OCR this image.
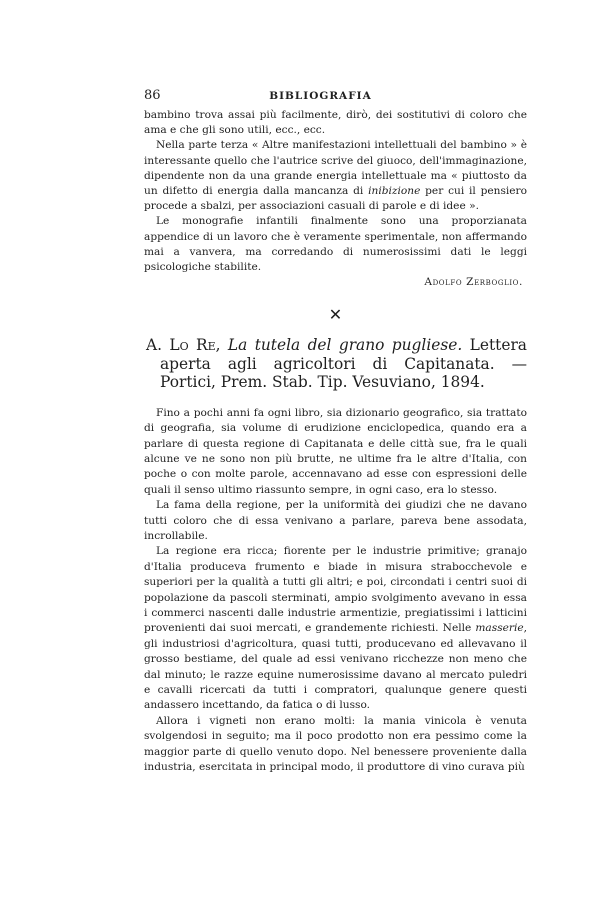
86	BIBLIOGRAFIA

bambino trova assai più facilmente, dirò, dei sostitutivi di coloro che ama e che gli sono utili, ecc., ecc.

Nella parte terza « Altre manifestazioni intellettuali del bambino » è interessante quello che l'autrice scrive del giuoco, dell'immaginazione, dipendente non da una grande energia intellettuale ma « piuttosto da un difetto di energia dalla mancanza di inibizione per cui il pensiero procede a sbalzi, per associazioni casuali di parole e di idee ».

Le monografie infantili finalmente sono una proporzianata appendice di un lavoro che è veramente sperimentale, non affermando mai a vanvera, ma corredando di numerosissimi dati le leggi psicologiche stabilite.

Adolfo Zerboglio.
✕
A. Lo Re, La tutela del grano pugliese. Lettera aperta agli agricoltori di Capitanata. — Portici, Prem. Stab. Tip. Vesuviano, 1894.

Fino a pochi anni fa ogni libro, sia dizionario geografico, sia trattato di geografia, sia volume di erudizione enciclopedica, quando era a parlare di questa regione di Capitanata e delle città sue, fra le quali alcune ve ne sono non più brutte, ne ultime fra le altre d'Italia, con poche o con molte parole, accennavano ad esse con espressioni delle quali il senso ultimo riassunto sempre, in ogni caso, era lo stesso.

La fama della regione, per la uniformità dei giudizi che ne davano tutti coloro che di essa venivano a parlare, pareva bene assodata, incrollabile.

La regione era ricca; fiorente per le industrie primitive; granajo d'Italia produceva frumento e biade in misura strabocchevole e superiori per la qualità a tutti gli altri; e poi, circondati i centri suoi di popolazione da pascoli sterminati, ampio svolgimento avevano in essa i commerci nascenti dalle industrie armentizie, pregiatissimi i latticini provenienti dai suoi mercati, e grandemente richiesti. Nelle masserie, gli industriosi d'agricoltura, quasi tutti, producevano ed allevavano il grosso bestiame, del quale ad essi venivano ricchezze non meno che dal minuto; le razze equine numerosissime davano al mercato puledri e cavalli ricercati da tutti i compratori, qualunque genere questi andassero incettando, da fatica o di lusso.

Allora i vigneti non erano molti: la mania vinicola è venuta svolgendosi in seguito; ma il poco prodotto non era pessimo come la maggior parte di quello venuto dopo. Nel benessere proveniente dalla industria, esercitata in principal modo, il produttore di vino curava più
